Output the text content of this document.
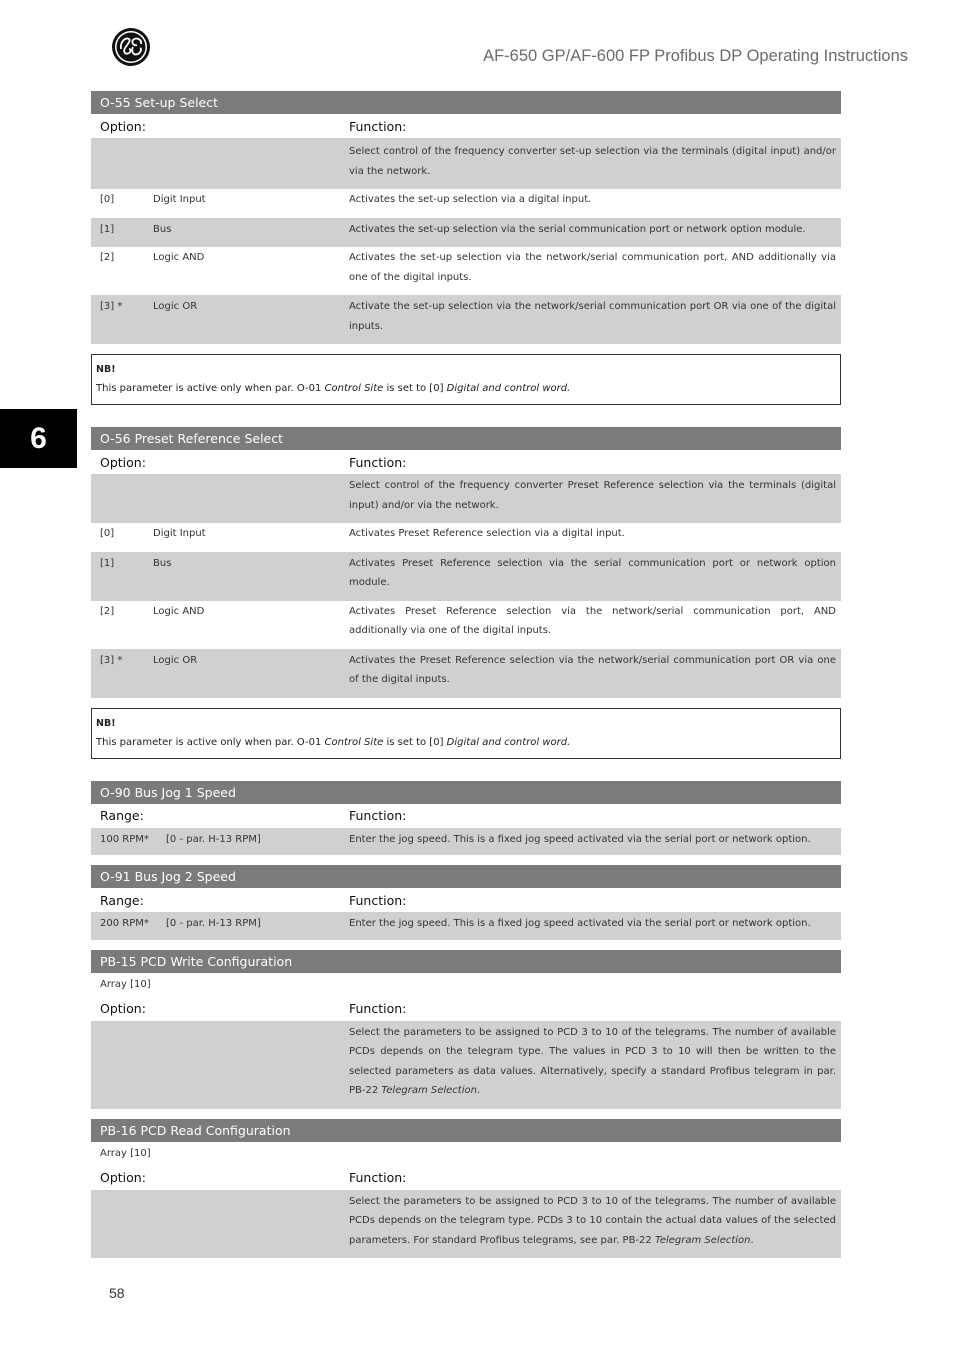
AF-650 GP/AF-600 FP Profibus DP Operating Instructions
6
58
O-55 Set-up Select
Option:	Function:
Select control of the frequency converter set-up selection via the terminals (digital input) and/or via the network.
[0]	Digit Input	Activates the set-up selection via a digital input.
[1]	Bus	Activates the set-up selection via the serial communication port or network option module.
[2]	Logic AND	Activates the set-up selection via the network/serial communication port, AND additionally via one of the digital inputs.
[3] *	Logic OR	Activate the set-up selection via the network/serial communication port OR via one of the digital inputs.
NB!
This parameter is active only when par. O-01 Control Site is set to [0] Digital and control word.
O-56 Preset Reference Select
Option:	Function:
Select control of the frequency converter Preset Reference selection via the terminals (digital input) and/or via the network.
[0]	Digit Input	Activates Preset Reference selection via a digital input.
[1]	Bus	Activates Preset Reference selection via the serial communication port or network option module.
[2]	Logic AND	Activates Preset Reference selection via the network/serial communication port, AND additionally via one of the digital inputs.
[3] *	Logic OR	Activates the Preset Reference selection via the network/serial communication port OR via one of the digital inputs.
NB!
This parameter is active only when par. O-01 Control Site is set to [0] Digital and control word.
O-90 Bus Jog 1 Speed
Range:	Function:
100 RPM*	[0 - par. H-13 RPM]	Enter the jog speed. This is a fixed jog speed activated via the serial port or network option.
O-91 Bus Jog 2 Speed
Range:	Function:
200 RPM*	[0 - par. H-13 RPM]	Enter the jog speed. This is a fixed jog speed activated via the serial port or network option.
PB-15 PCD Write Configuration
Array [10]
Option:	Function:
Select the parameters to be assigned to PCD 3 to 10 of the telegrams. The number of available PCDs depends on the telegram type. The values in PCD 3 to 10 will then be written to the selected parameters as data values. Alternatively, specify a standard Profibus telegram in par. PB-22 Telegram Selection.
PB-16 PCD Read Configuration
Array [10]
Option:	Function:
Select the parameters to be assigned to PCD 3 to 10 of the telegrams. The number of available PCDs depends on the telegram type. PCDs 3 to 10 contain the actual data values of the selected parameters. For standard Profibus telegrams, see par. PB-22 Telegram Selection.
